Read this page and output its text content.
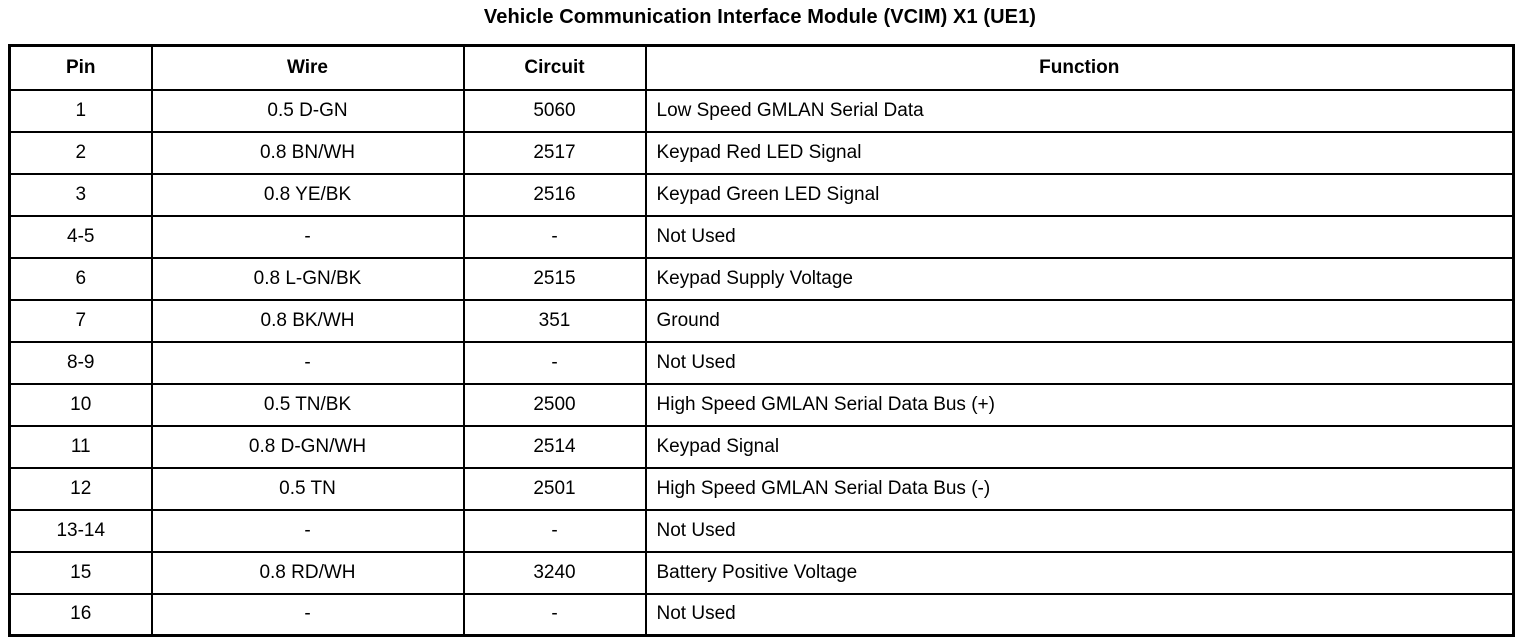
Vehicle Communication Interface Module (VCIM) X1 (UE1)
Pin	Wire	Circuit	Function
1	0.5 D-GN	5060	Low Speed GMLAN Serial Data
2	0.8 BN/WH	2517	Keypad Red LED Signal
3	0.8 YE/BK	2516	Keypad Green LED Signal
4-5	-	-	Not Used
6	0.8 L-GN/BK	2515	Keypad Supply Voltage
7	0.8 BK/WH	351	Ground
8-9	-	-	Not Used
10	0.5 TN/BK	2500	High Speed GMLAN Serial Data Bus (+)
11	0.8 D-GN/WH	2514	Keypad Signal
12	0.5 TN	2501	High Speed GMLAN Serial Data Bus (-)
13-14	-	-	Not Used
15	0.8 RD/WH	3240	Battery Positive Voltage
16	-	-	Not Used
